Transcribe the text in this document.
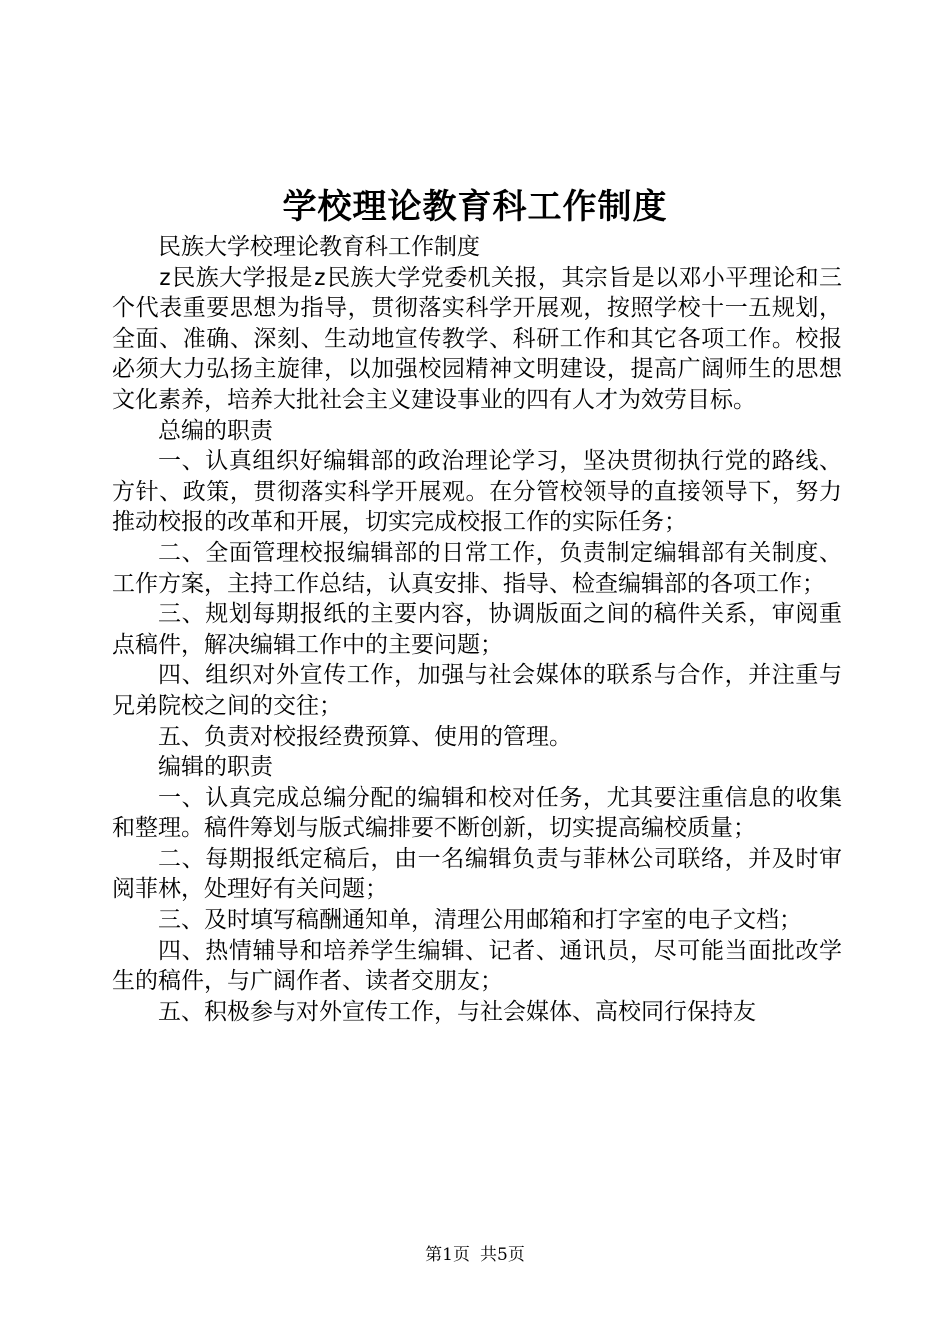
学校理论教育科工作制度

民族大学校理论教育科工作制度

z民族大学报是z民族大学党委机关报，其宗旨是以邓小平理论和三个代表重要思想为指导，贯彻落实科学开展观，按照学校十一五规划，全面、准确、深刻、生动地宣传教学、科研工作和其它各项工作。校报必须大力弘扬主旋律，以加强校园精神文明建设，提高广阔师生的思想文化素养，培养大批社会主义建设事业的四有人才为效劳目标。

总编的职责

一、认真组织好编辑部的政治理论学习，坚决贯彻执行党的路线、方针、政策，贯彻落实科学开展观。在分管校领导的直接领导下，努力推动校报的改革和开展，切实完成校报工作的实际任务；

二、全面管理校报编辑部的日常工作，负责制定编辑部有关制度、工作方案，主持工作总结，认真安排、指导、检查编辑部的各项工作；

三、规划每期报纸的主要内容，协调版面之间的稿件关系，审阅重点稿件，解决编辑工作中的主要问题；

四、组织对外宣传工作，加强与社会媒体的联系与合作，并注重与兄弟院校之间的交往；

五、负责对校报经费预算、使用的管理。

编辑的职责

一、认真完成总编分配的编辑和校对任务，尤其要注重信息的收集和整理。稿件筹划与版式编排要不断创新，切实提高编校质量；

二、每期报纸定稿后，由一名编辑负责与菲林公司联络，并及时审阅菲林，处理好有关问题；

三、及时填写稿酬通知单，清理公用邮箱和打字室的电子文档；

四、热情辅导和培养学生编辑、记者、通讯员，尽可能当面批改学生的稿件，与广阔作者、读者交朋友；

五、积极参与对外宣传工作，与社会媒体、高校同行保持友

第1页 共5页
